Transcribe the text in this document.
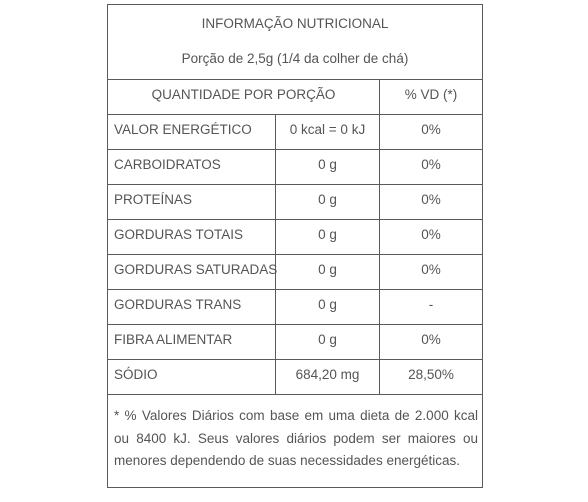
INFORMAÇÃO NUTRICIONAL
Porção de 2,5g (1/4 da colher de chá)
QUANTIDADE POR PORÇÃO	% VD (*)
VALOR ENERGÉTICO	0 kcal = 0 kJ	0%
CARBOIDRATOS	0 g	0%
PROTEÍNAS	0 g	0%
GORDURAS TOTAIS	0 g	0%
GORDURAS SATURADAS	0 g	0%
GORDURAS TRANS	0 g	-
FIBRA ALIMENTAR	0 g	0%
SÓDIO	684,20 mg	28,50%
* % Valores Diários com base em uma dieta de 2.000 kcal ou 8400 kJ. Seus valores diários podem ser maiores ou menores dependendo de suas necessidades energéticas.
